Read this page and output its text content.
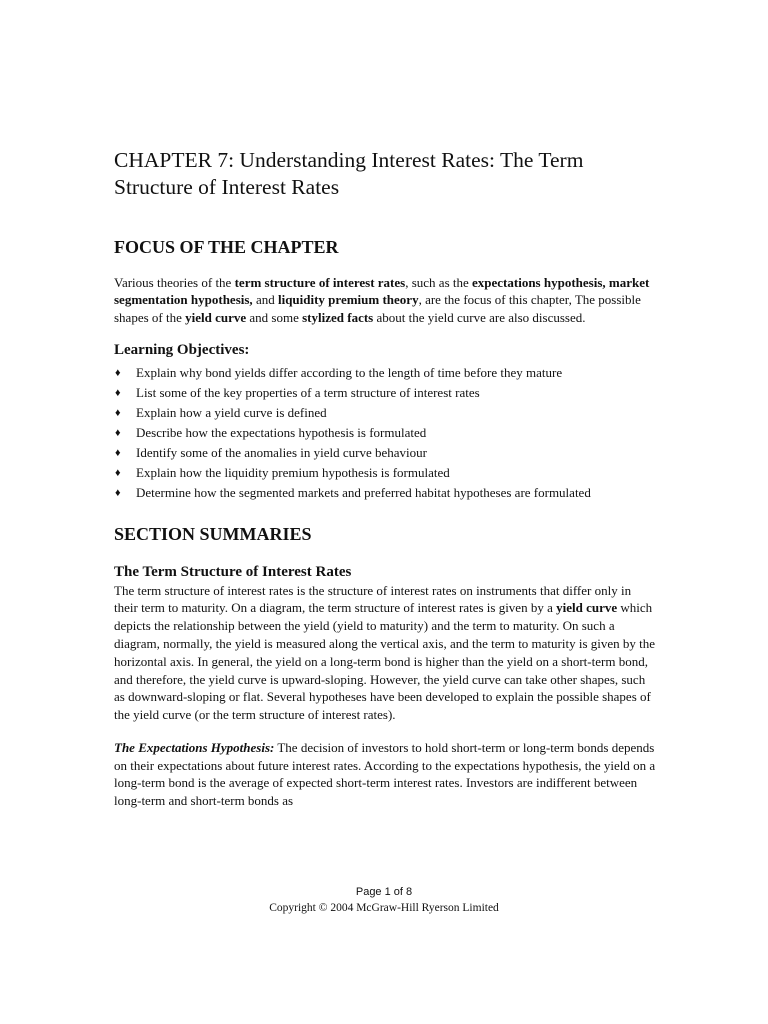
CHAPTER 7: Understanding Interest Rates: The Term
Structure of Interest Rates
FOCUS OF THE CHAPTER

Various theories of the term structure of interest rates, such as the expectations hypothesis, market segmentation hypothesis, and liquidity premium theory, are the focus of this chapter, The possible shapes of the yield curve and some stylized facts about the yield curve are also discussed.

Learning Objectives:
♦ Explain why bond yields differ according to the length of time before they mature
♦ List some of the key properties of a term structure of interest rates
♦ Explain how a yield curve is defined
♦ Describe how the expectations hypothesis is formulated
♦ Identify some of the anomalies in yield curve behaviour
♦ Explain how the liquidity premium hypothesis is formulated
♦ Determine how the segmented markets and preferred habitat hypotheses are formulated
SECTION SUMMARIES
The Term Structure of Interest Rates

The term structure of interest rates is the structure of interest rates on instruments that differ only in their term to maturity. On a diagram, the term structure of interest rates is given by a yield curve which depicts the relationship between the yield (yield to maturity) and the term to maturity. On such a diagram, normally, the yield is measured along the vertical axis, and the term to maturity is given by the horizontal axis. In general, the yield on a long-term bond is higher than the yield on a short-term bond, and therefore, the yield curve is upward-sloping. However, the yield curve can take other shapes, such as downward-sloping or flat. Several hypotheses have been developed to explain the possible shapes of the yield curve (or the term structure of interest rates).

The Expectations Hypothesis: The decision of investors to hold short-term or long-term bonds depends on their expectations about future interest rates. According to the expectations hypothesis, the yield on a long-term bond is the average of expected short-term interest rates. Investors are indifferent between long-term and short-term bonds as

Page 1 of 8
Copyright © 2004 McGraw-Hill Ryerson Limited
